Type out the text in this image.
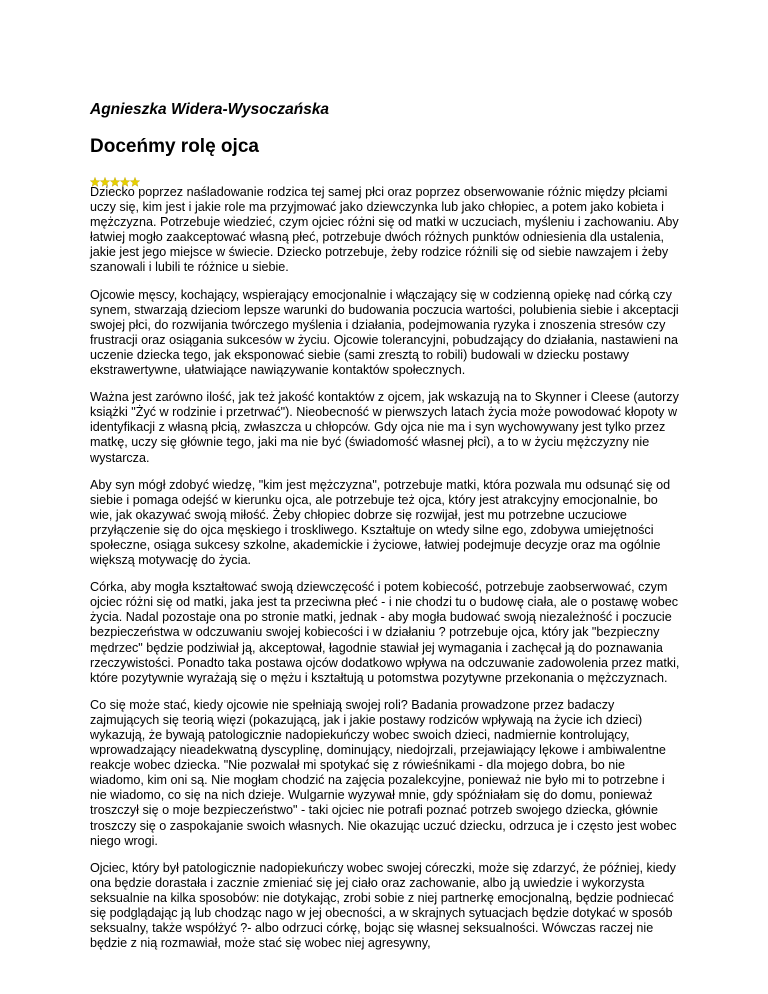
Agnieszka Widera-Wysoczańska
Doceńmy rolę ojca

Dziecko poprzez naśladowanie rodzica tej samej płci oraz poprzez obserwowanie różnic między płciami uczy się, kim jest i jakie role ma przyjmować jako dziewczynka lub jako chłopiec, a potem jako kobieta i mężczyzna. Potrzebuje wiedzieć, czym ojciec różni się od matki w uczuciach, myśleniu i zachowaniu. Aby łatwiej mogło zaakceptować własną płeć, potrzebuje dwóch różnych punktów odniesienia dla ustalenia, jakie jest jego miejsce w świecie. Dziecko potrzebuje, żeby rodzice różnili się od siebie nawzajem i żeby szanowali i lubili te różnice u siebie.

Ojcowie męscy, kochający, wspierający emocjonalnie i włączający się w codzienną opiekę nad córką czy synem, stwarzają dzieciom lepsze warunki do budowania poczucia wartości, polubienia siebie i akceptacji swojej płci, do rozwijania twórczego myślenia i działania, podejmowania ryzyka i znoszenia stresów czy frustracji oraz osiągania sukcesów w życiu. Ojcowie tolerancyjni, pobudzający do działania, nastawieni na uczenie dziecka tego, jak eksponować siebie (sami zresztą to robili) budowali w dziecku postawy ekstrawertywne, ułatwiające nawiązywanie kontaktów społecznych.

Ważna jest zarówno ilość, jak też jakość kontaktów z ojcem, jak wskazują na to Skynner i Cleese (autorzy książki "Żyć w rodzinie i przetrwać"). Nieobecność w pierwszych latach życia może powodować kłopoty w identyfikacji z własną płcią, zwłaszcza u chłopców. Gdy ojca nie ma i syn wychowywany jest tylko przez matkę, uczy się głównie tego, jaki ma nie być (świadomość własnej płci), a to w życiu mężczyzny nie wystarcza.

Aby syn mógł zdobyć wiedzę, "kim jest mężczyzna", potrzebuje matki, która pozwala mu odsunąć się od siebie i pomaga odejść w kierunku ojca, ale potrzebuje też ojca, który jest atrakcyjny emocjonalnie, bo wie, jak okazywać swoją miłość. Żeby chłopiec dobrze się rozwijał, jest mu potrzebne uczuciowe przyłączenie się do ojca męskiego i troskliwego. Kształtuje on wtedy silne ego, zdobywa umiejętności społeczne, osiąga sukcesy szkolne, akademickie i życiowe, łatwiej podejmuje decyzje oraz ma ogólnie większą motywację do życia.

Córka, aby mogła kształtować swoją dziewczęcość i potem kobiecość, potrzebuje zaobserwować, czym ojciec różni się od matki, jaka jest ta przeciwna płeć - i nie chodzi tu o budowę ciała, ale o postawę wobec życia. Nadal pozostaje ona po stronie matki, jednak - aby mogła budować swoją niezależność i poczucie bezpieczeństwa w odczuwaniu swojej kobiecości i w działaniu ? potrzebuje ojca, który jak "bezpieczny mędrzec" będzie podziwiał ją, akceptował, łagodnie stawiał jej wymagania i zachęcał ją do poznawania rzeczywistości. Ponadto taka postawa ojców dodatkowo wpływa na odczuwanie zadowolenia przez matki, które pozytywnie wyrażają się o mężu i kształtują u potomstwa pozytywne przekonania o mężczyznach.

Co się może stać, kiedy ojcowie nie spełniają swojej roli? Badania prowadzone przez badaczy zajmujących się teorią więzi (pokazującą, jak i jakie postawy rodziców wpływają na życie ich dzieci) wykazują, że bywają patologicznie nadopiekuńczy wobec swoich dzieci, nadmiernie kontrolujący, wprowadzający nieadekwatną dyscyplinę, dominujący, niedojrzali, przejawiający lękowe i ambiwalentne reakcje wobec dziecka. "Nie pozwalał mi spotykać się z rówieśnikami - dla mojego dobra, bo nie wiadomo, kim oni są. Nie mogłam chodzić na zajęcia pozalekcyjne, ponieważ nie było mi to potrzebne i nie wiadomo, co się na nich dzieje. Wulgarnie wyzywał mnie, gdy spóźniałam się do domu, ponieważ troszczył się o moje bezpieczeństwo" - taki ojciec nie potrafi poznać potrzeb swojego dziecka, głównie troszczy się o zaspokajanie swoich własnych. Nie okazując uczuć dziecku, odrzuca je i często jest wobec niego wrogi.

Ojciec, który był patologicznie nadopiekuńczy wobec swojej córeczki, może się zdarzyć, że później, kiedy ona będzie dorastała i zacznie zmieniać się jej ciało oraz zachowanie, albo ją uwiedzie i wykorzysta seksualnie na kilka sposobów: nie dotykając, zrobi sobie z niej partnerkę emocjonalną, będzie podniecać się podglądając ją lub chodząc nago w jej obecności, a w skrajnych sytuacjach będzie dotykać w sposób seksualny, także współżyć ?- albo odrzuci córkę, bojąc się własnej seksualności. Wówczas raczej nie będzie z nią rozmawiał, może stać się wobec niej agresywny,
